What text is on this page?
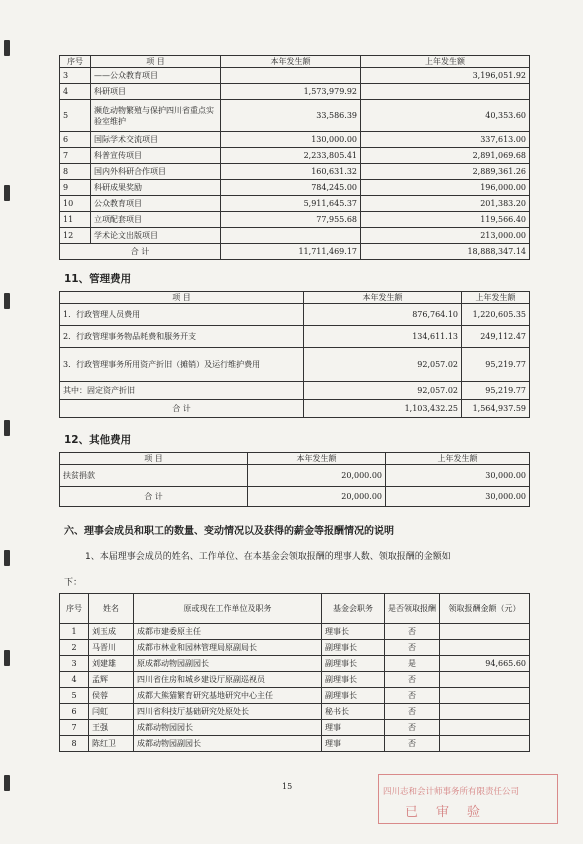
序号	项 目	本年发生额	上年发生额
3	——公众教育项目		3,196,051.92
4	科研项目	1,573,979.92	
5	濒危动物繁殖与保护四川省重点实验室维护	33,586.39	40,353.60
6	国际学术交流项目	130,000.00	337,613.00
7	科普宣传项目	2,233,805.41	2,891,069.68
8	国内外科研合作项目	160,631.32	2,889,361.26
9	科研成果奖励	784,245.00	196,000.00
10	公众教育项目	5,911,645.37	201,383.20
11	立项配套项目	77,955.68	119,566.40
12	学术论文出版项目		213,000.00
合 计		11,711,469.17	18,888,347.14
11、管理费用
项 目	本年发生额	上年发生额
1．行政管理人员费用	876,764.10	1,220,605.35
2．行政管理事务物品耗费和服务开支	134,611.13	249,112.47
3．行政管理事务所用资产折旧（摊销）及运行维护费用	92,057.02	95,219.77
其中：固定资产折旧	92,057.02	95,219.77
合 计	1,103,432.25	1,564,937.59
12、其他费用
项 目	本年发生额	上年发生额
扶贫捐款	20,000.00	30,000.00
合 计	20,000.00	30,000.00
六、理事会成员和职工的数量、变动情况以及获得的薪金等报酬情况的说明
1、本届理事会成员的姓名、工作单位、在本基金会领取报酬的理事人数、领取报酬的金额如
下：
序号	姓名	原或现在工作单位及职务	基金会职务	是否领取报酬	领取报酬金额（元）
1	刘玉成	成都市建委原主任	理事长	否	
2	马晋川	成都市林业和园林管理局原副局长	副理事长	否	
3	刘建雄	原成都动物园副园长	副理事长	是	94,665.60
4	孟辉	四川省住房和城乡建设厅原副巡视员	副理事长	否	
5	侯蓉	成都大熊猫繁育研究基地研究中心主任	副理事长	否	
6	闫虹	四川省科技厅基础研究处原处长	秘书长	否	
7	王强	成都动物园园长	理事	否	
8	陈红卫	成都动物园副园长	理事	否	
15
四川志和会计师事务所有限责任公司
已审验
